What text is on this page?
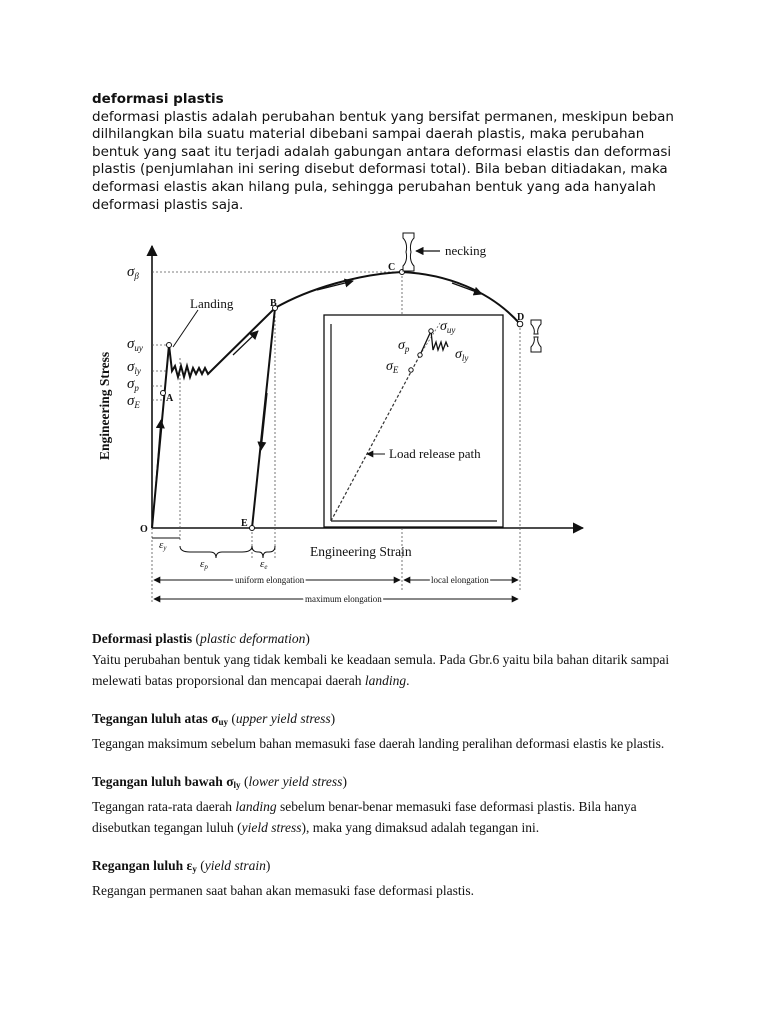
deformasi plastis
deformasi plastis adalah perubahan bentuk yang bersifat permanen, meskipun beban dilhilangkan bila suatu material dibebani sampai daerah plastis, maka perubahan bentuk yang saat itu terjadi adalah gabungan antara deformasi elastis dan deformasi plastis (penjumlahan ini sering disebut deformasi total). Bila beban ditiadakan, maka deformasi elastis akan hilang pula, sehingga perubahan bentuk yang ada hanyalah deformasi plastis saja.
Engineering Stress
Engineering Strain
O
A
B
C
D
E
Landing
necking
$\sigma_\beta$
$\sigma_{uy}$
$\sigma_{ly}$
$\sigma_p$
$\sigma_E$
εy
εp	εe
uniform elongation	local elongation
maximum elongation
$\sigma_{uy}$
$\sigma_p$	$\sigma_{ly}$
$\sigma_E$
Load release path

Deformasi plastis (plastic deformation)

Yaitu perubahan bentuk yang tidak kembali ke keadaan semula. Pada Gbr.6 yaitu bila bahan ditarik sampai melewati batas proporsional dan mencapai daerah landing.

Tegangan luluh atas $\sigma_{uy}$ (upper yield stress)

Tegangan maksimum sebelum bahan memasuki fase daerah landing peralihan deformasi elastis ke plastis.

Tegangan luluh bawah $\sigma_{ly}$ (lower yield stress)

Tegangan rata-rata daerah landing sebelum benar-benar memasuki fase deformasi plastis. Bila hanya disebutkan tegangan luluh (yield stress), maka yang dimaksud adalah tegangan ini.

Regangan luluh $\varepsilon_y$ (yield strain)

Regangan permanen saat bahan akan memasuki fase deformasi plastis.
